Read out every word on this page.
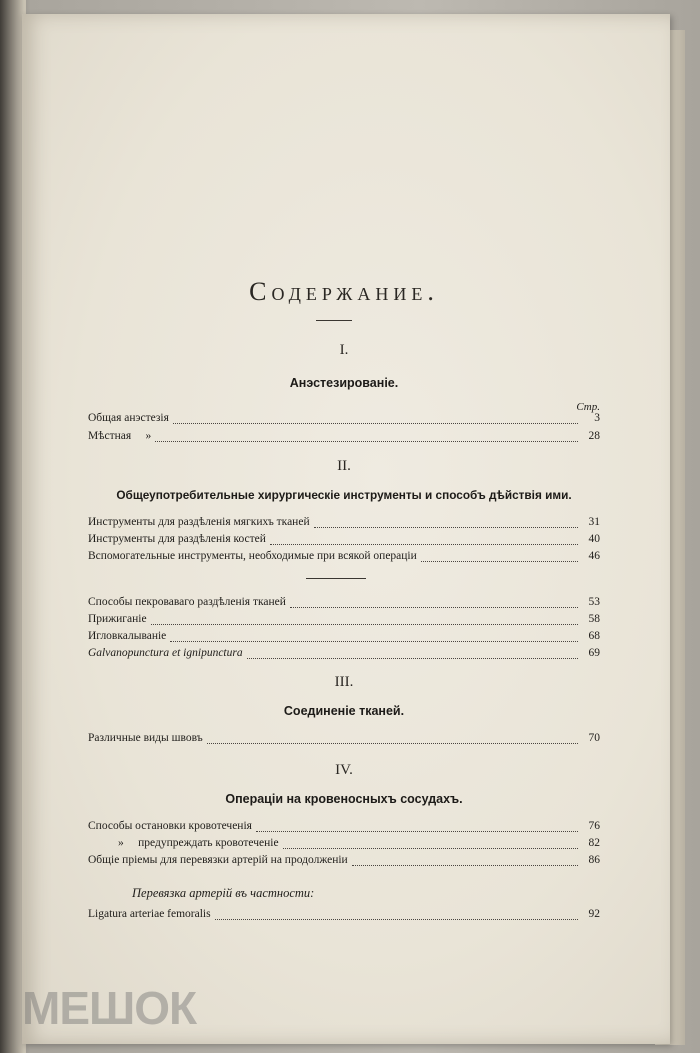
Содержание.
I.
Анэстезированіе.
Стр.
Общая анэстезія	3
Мѣстная     »	28
II.
Общеупотребительные хирургическіе инструменты и способъ дѣйствія ими.
Инструменты для раздѣленія мягкихъ тканей	31
Инструменты для раздѣленія костей	40
Вспомогательные инструменты, необходимые при всякой операціи	46
Способы пекроваваго раздѣленія тканей	53
Прижиганіе	58
Игловкалываніе	68
Galvanopunctura et ignipunctura	69
III.
Соединеніе тканей.
Различные виды швовъ	70
IV.
Операціи на кровеносныхъ сосудахъ.
Способы остановки кровотеченія	76
»     предупреждать кровотеченіе	82
Общіе пріемы для перевязки артерій на продолженіи	86
Перевязка артерій въ частности:
Ligatura arteriae femoralis	92
МЕШОК
